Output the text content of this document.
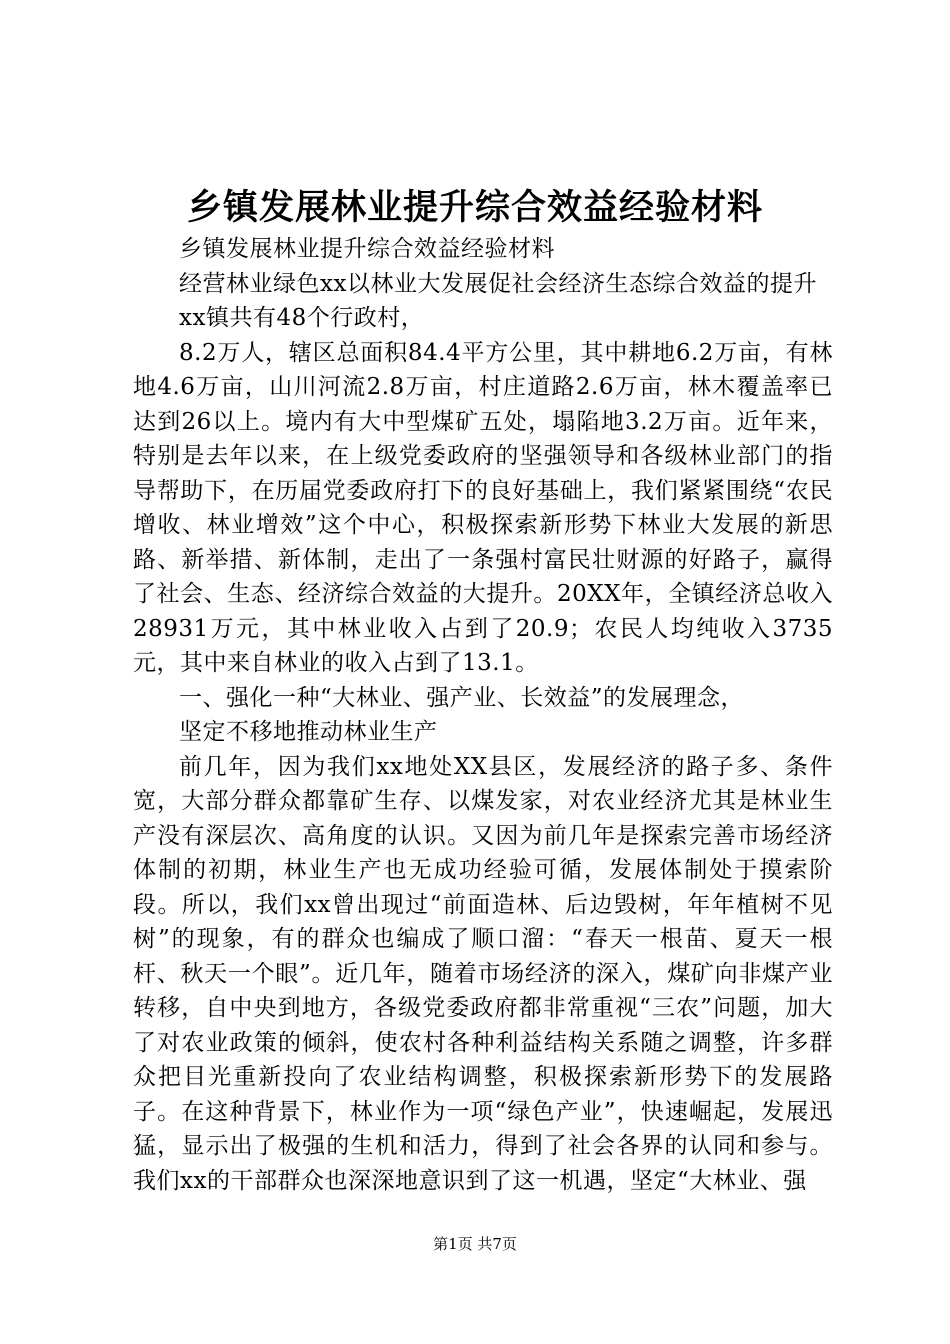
乡镇发展林业提升综合效益经验材料

乡镇发展林业提升综合效益经验材料

经营林业绿色xx以林业大发展促社会经济生态综合效益的提升

xx镇共有48个行政村，

8.2万人，辖区总面积84.4平方公里，其中耕地6.2万亩，有林地4.6万亩，山川河流2.8万亩，村庄道路2.6万亩，林木覆盖率已达到26以上。境内有大中型煤矿五处，塌陷地3.2万亩。近年来，特别是去年以来，在上级党委政府的坚强领导和各级林业部门的指导帮助下，在历届党委政府打下的良好基础上，我们紧紧围绕“农民增收、林业增效”这个中心，积极探索新形势下林业大发展的新思路、新举措、新体制，走出了一条强村富民壮财源的好路子，赢得了社会、生态、经济综合效益的大提升。20XX年，全镇经济总收入28931万元，其中林业收入占到了20.9；农民人均纯收入3735元，其中来自林业的收入占到了13.1。

一、强化一种“大林业、强产业、长效益”的发展理念，

坚定不移地推动林业生产

前几年，因为我们xx地处XX县区，发展经济的路子多、条件宽，大部分群众都靠矿生存、以煤发家，对农业经济尤其是林业生产没有深层次、高角度的认识。又因为前几年是探索完善市场经济体制的初期，林业生产也无成功经验可循，发展体制处于摸索阶段。所以，我们xx曾出现过“前面造林、后边毁树，年年植树不见树”的现象，有的群众也编成了顺口溜：“春天一根苗、夏天一根杆、秋天一个眼”。近几年，随着市场经济的深入，煤矿向非煤产业转移，自中央到地方，各级党委政府都非常重视“三农”问题，加大了对农业政策的倾斜，使农村各种利益结构关系随之调整，许多群众把目光重新投向了农业结构调整，积极探索新形势下的发展路子。在这种背景下，林业作为一项“绿色产业”，快速崛起，发展迅猛，显示出了极强的生机和活力，得到了社会各界的认同和参与。我们xx的干部群众也深深地意识到了这一机遇，坚定“大林业、强

第1页 共7页
